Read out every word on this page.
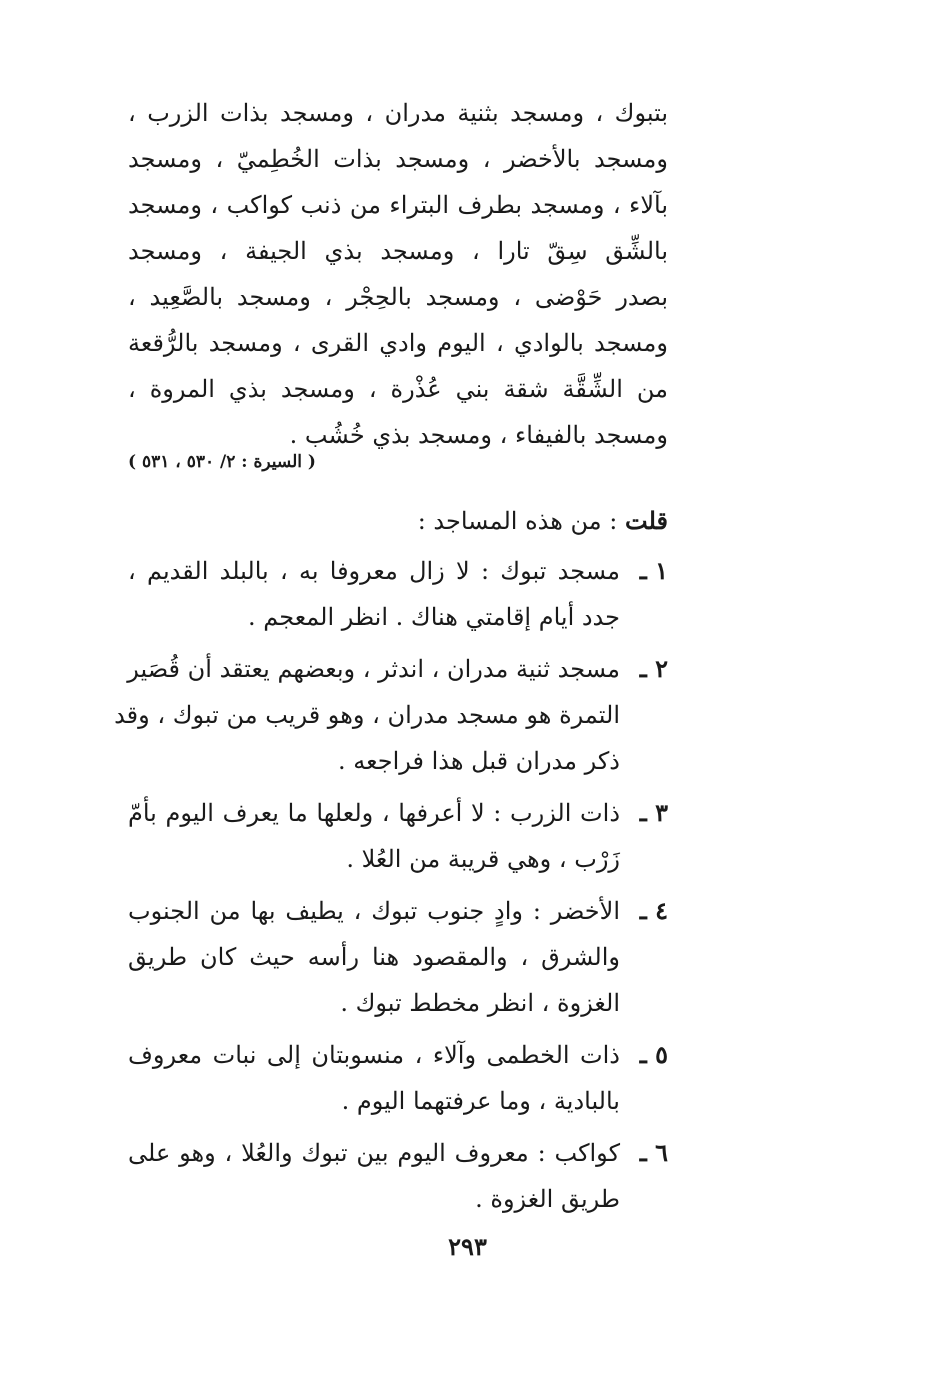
بتبوك ، ومسجد بثنية مدران ، ومسجد بذات الزرب ،
ومسجد بالأخضر ، ومسجد بذات الخُطِميّ ، ومسجد
بآلاء ، ومسجد بطرف البتراء من ذنب كواكب ، ومسجد
بالشِّق سِقّ تارا ، ومسجد بذي الجيفة ، ومسجد
بصدر حَوْضى ، ومسجد بالحِجْر ، ومسجد بالصَّعِيد ،
ومسجد بالوادي ، اليوم وادي القرى ، ومسجد بالرُّقعة
من الشِّقَّة شقة بني عُذْرة ، ومسجد بذي المروة ،
ومسجد بالفيفاء ، ومسجد بذي خُشُب .
( السيرة : ٢/ ٥٣٠ ، ٥٣١ )
قلت : من هذه المساجد :
١ ـ
مسجد تبوك : لا زال معروفا به ، بالبلد القديم ،
جدد أيام إقامتي هناك . انظر المعجم .
٢ ـ
مسجد ثنية مدران ، اندثر ، وبعضهم يعتقد أن قُصَير
التمرة هو مسجد مدران ، وهو قريب من تبوك ، وقد
ذكر مدران قبل هذا فراجعه .
٣ ـ
ذات الزرب : لا أعرفها ، ولعلها ما يعرف اليوم بأمّ
زَرْب ، وهي قريبة من العُلا .
٤ ـ
الأخضر : وادٍ جنوب تبوك ، يطيف بها من الجنوب
والشرق ، والمقصود هنا رأسه حيث كان طريق
الغزوة ، انظر مخطط تبوك .
٥ ـ
ذات الخطمى وآلاء ، منسوبتان إلى نبات معروف
بالبادية ، وما عرفتهما اليوم .
٦ ـ
كواكب : معروف اليوم بين تبوك والعُلا ، وهو على
طريق الغزوة .
٢٩٣
